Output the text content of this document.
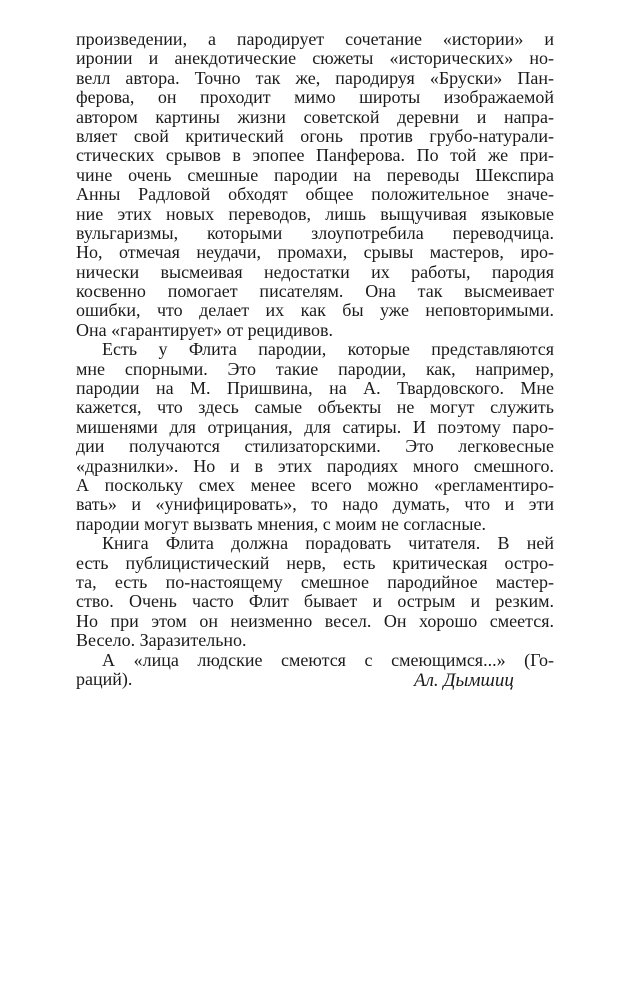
произведении, а пародирует сочетание «истории» и
иронии и анекдотические сюжеты «исторических» но-
велл автора. Точно так же, пародируя «Бруски» Пан-
ферова, он проходит мимо широты изображаемой
автором картины жизни советской деревни и напра-
вляет свой критический огонь против грубо-натурали-
стических срывов в эпопее Панферова. По той же при-
чине очень смешные пародии на переводы Шекспира
Анны Радловой обходят общее положительное значе-
ние этих новых переводов, лишь выщучивая языковые
вульгаризмы, которыми злоупотребила переводчица.
Но, отмечая неудачи, промахи, срывы мастеров, иро-
нически высмеивая недостатки их работы, пародия
косвенно помогает писателям. Она так высмеивает
ошибки, что делает их как бы уже неповторимыми.
Она «гарантирует» от рецидивов.
Есть у Флита пародии, которые представляются
мне спорными. Это такие пародии, как, например,
пародии на М. Пришвина, на А. Твардовского. Мне
кажется, что здесь самые объекты не могут служить
мишенями для отрицания, для сатиры. И поэтому паро-
дии получаются стилизаторскими. Это легковесные
«дразнилки». Но и в этих пародиях много смешного.
А поскольку смех менее всего можно «регламентиро-
вать» и «унифицировать», то надо думать, что и эти
пародии могут вызвать мнения, с моим не согласные.
Книга Флита должна порадовать читателя. В ней
есть публицистический нерв, есть критическая остро-
та, есть по-настоящему смешное пародийное мастер-
ство. Очень часто Флит бывает и острым и резким.
Но при этом он неизменно весел. Он хорошо смеется.
Весело. Заразительно.
А «лица людские смеются с смеющимся...» (Го-
раций).	Ал. Дымшиц
